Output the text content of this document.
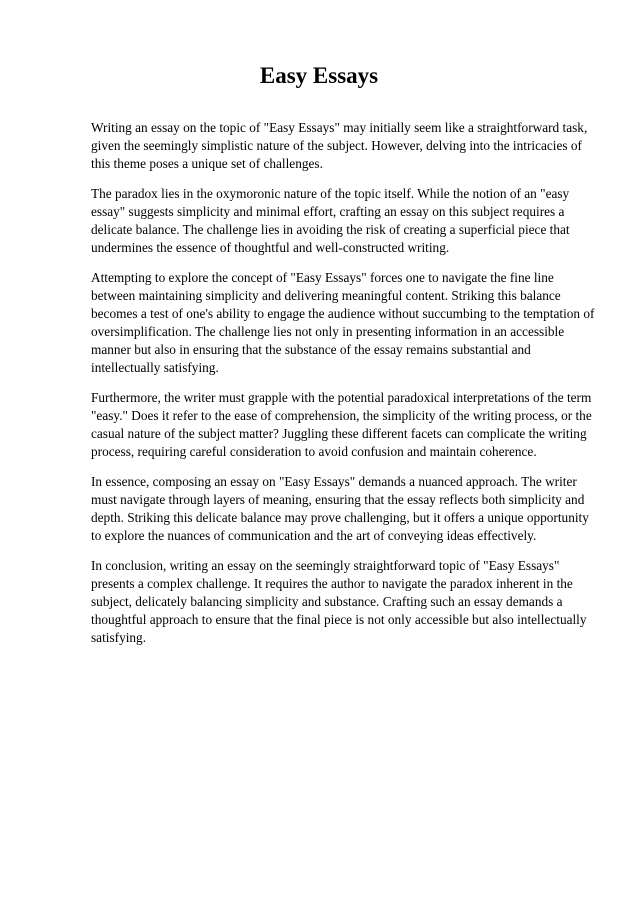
Easy Essays

Writing an essay on the topic of "Easy Essays" may initially seem like a straightforward task, given the seemingly simplistic nature of the subject. However, delving into the intricacies of this theme poses a unique set of challenges.

The paradox lies in the oxymoronic nature of the topic itself. While the notion of an "easy essay" suggests simplicity and minimal effort, crafting an essay on this subject requires a delicate balance. The challenge lies in avoiding the risk of creating a superficial piece that undermines the essence of thoughtful and well-constructed writing.

Attempting to explore the concept of "Easy Essays" forces one to navigate the fine line between maintaining simplicity and delivering meaningful content. Striking this balance becomes a test of one's ability to engage the audience without succumbing to the temptation of oversimplification. The challenge lies not only in presenting information in an accessible manner but also in ensuring that the substance of the essay remains substantial and intellectually satisfying.

Furthermore, the writer must grapple with the potential paradoxical interpretations of the term "easy." Does it refer to the ease of comprehension, the simplicity of the writing process, or the casual nature of the subject matter? Juggling these different facets can complicate the writing process, requiring careful consideration to avoid confusion and maintain coherence.

In essence, composing an essay on "Easy Essays" demands a nuanced approach. The writer must navigate through layers of meaning, ensuring that the essay reflects both simplicity and depth. Striking this delicate balance may prove challenging, but it offers a unique opportunity to explore the nuances of communication and the art of conveying ideas effectively.

In conclusion, writing an essay on the seemingly straightforward topic of "Easy Essays" presents a complex challenge. It requires the author to navigate the paradox inherent in the subject, delicately balancing simplicity and substance. Crafting such an essay demands a thoughtful approach to ensure that the final piece is not only accessible but also intellectually satisfying.
